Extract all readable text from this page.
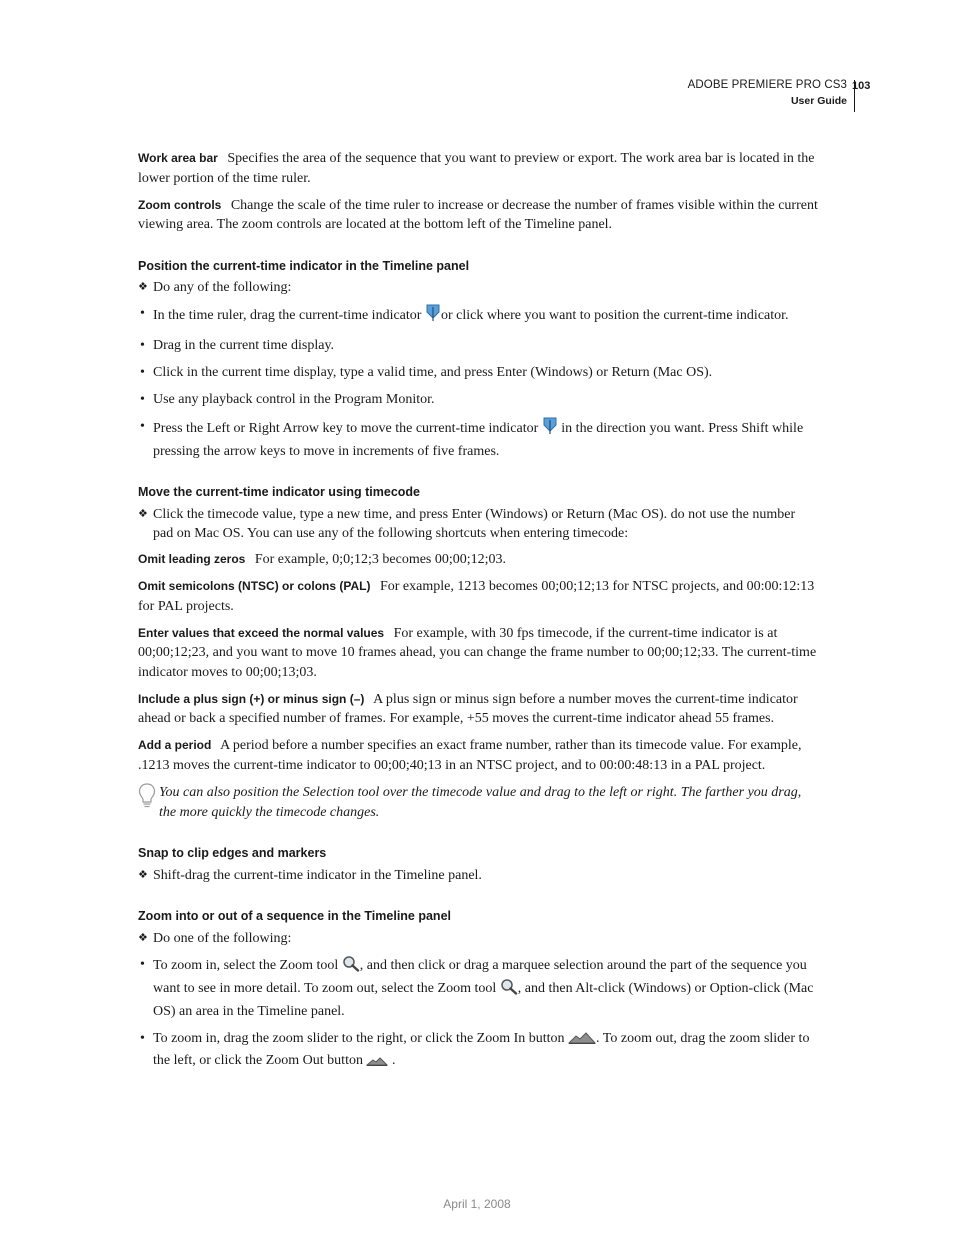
ADOBE PREMIERE PRO CS3
User Guide
103

Work area bar Specifies the area of the sequence that you want to preview or export. The work area bar is located in the lower portion of the time ruler.

Zoom controls Change the scale of the time ruler to increase or decrease the number of frames visible within the current viewing area. The zoom controls are located at the bottom left of the Timeline panel.

Position the current-time indicator in the Timeline panel

❖ Do any of the following:

• In the time ruler, drag the current-time indicator or click where you want to position the current-time indicator.
• Drag in the current time display.
• Click in the current time display, type a valid time, and press Enter (Windows) or Return (Mac OS).
• Use any playback control in the Program Monitor.
• Press the Left or Right Arrow key to move the current-time indicator in the direction you want. Press Shift while pressing the arrow keys to move in increments of five frames.
Move the current-time indicator using timecode

❖ Click the timecode value, type a new time, and press Enter (Windows) or Return (Mac OS). do not use the number pad on Mac OS. You can use any of the following shortcuts when entering timecode:

Omit leading zeros For example, 0;0;12;3 becomes 00;00;12;03.

Omit semicolons (NTSC) or colons (PAL) For example, 1213 becomes 00;00;12;13 for NTSC projects, and 00:00:12:13 for PAL projects.

Enter values that exceed the normal values For example, with 30 fps timecode, if the current-time indicator is at 00;00;12;23, and you want to move 10 frames ahead, you can change the frame number to 00;00;12;33. The current-time indicator moves to 00;00;13;03.

Include a plus sign (+) or minus sign (–) A plus sign or minus sign before a number moves the current-time indicator ahead or back a specified number of frames. For example, +55 moves the current-time indicator ahead 55 frames.

Add a period A period before a number specifies an exact frame number, rather than its timecode value. For example, .1213 moves the current-time indicator to 00;00;40;13 in an NTSC project, and to 00:00:48:13 in a PAL project.

You can also position the Selection tool over the timecode value and drag to the left or right. The farther you drag, the more quickly the timecode changes.

Snap to clip edges and markers

❖ Shift-drag the current-time indicator in the Timeline panel.

Zoom into or out of a sequence in the Timeline panel

❖ Do one of the following:

• To zoom in, select the Zoom tool , and then click or drag a marquee selection around the part of the sequence you want to see in more detail. To zoom out, select the Zoom tool , and then Alt-click (Windows) or Option-click (Mac OS) an area in the Timeline panel.
• To zoom in, drag the zoom slider to the right, or click the Zoom In button . To zoom out, drag the zoom slider to the left, or click the Zoom Out button .
April 1, 2008
